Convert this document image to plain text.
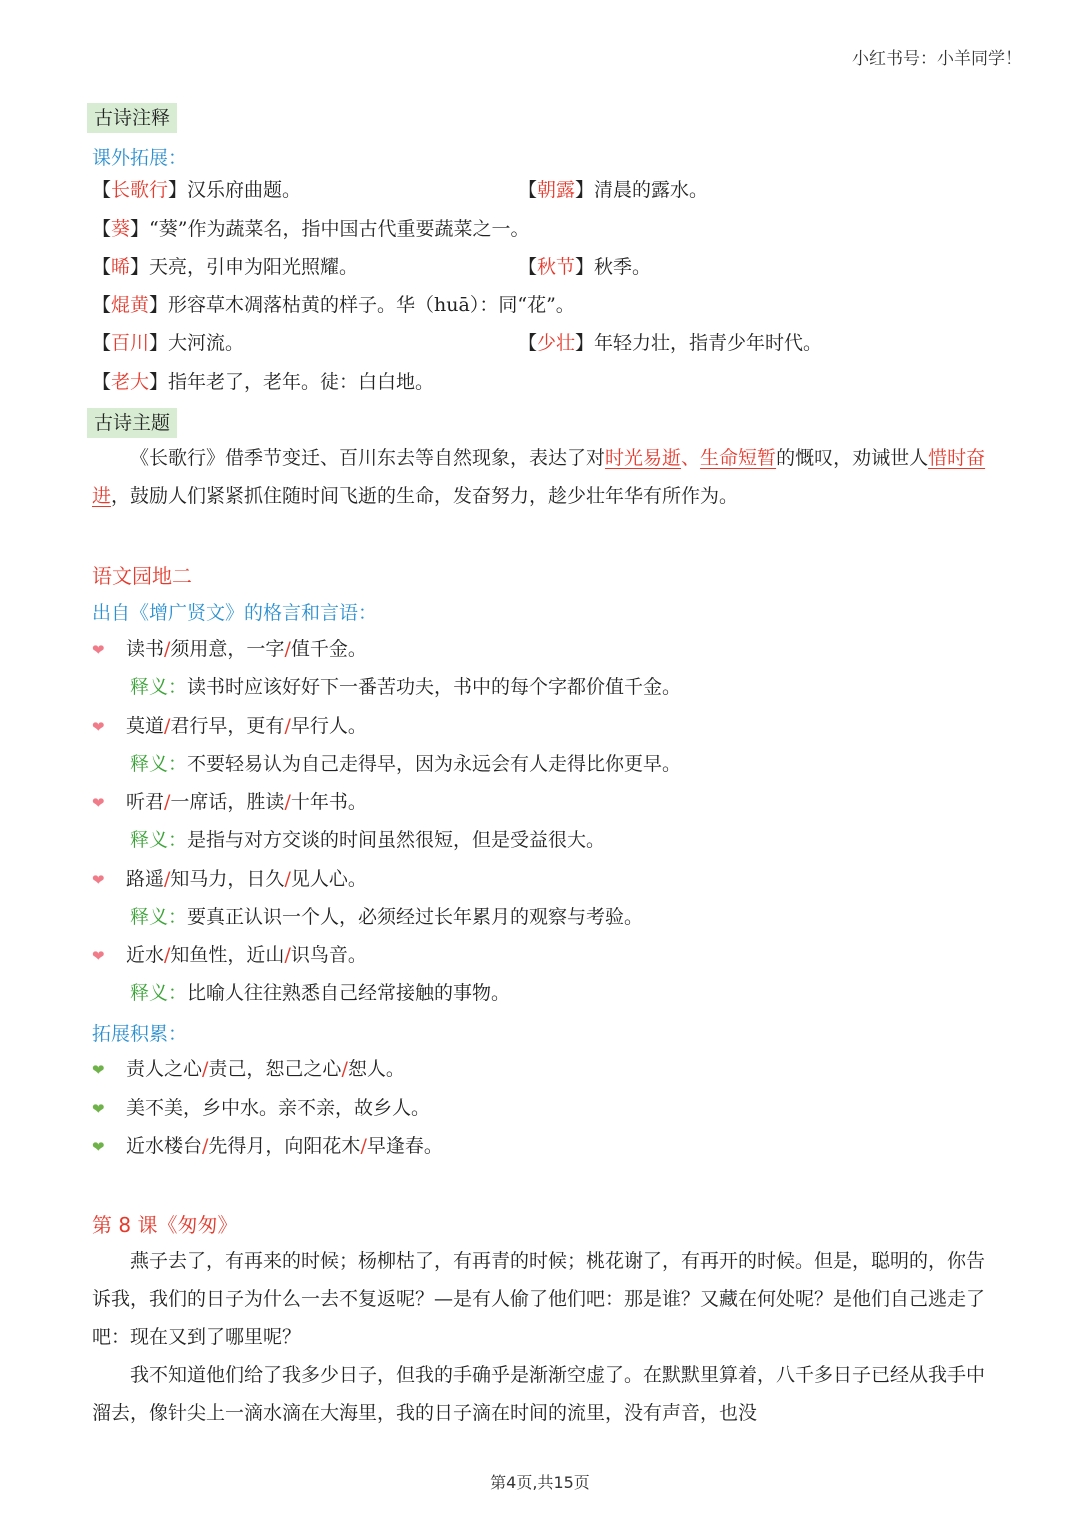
小红书号：小羊同学！
古诗注释
课外拓展：
【长歌行】汉乐府曲题。	【朝露】清晨的露水。
【葵】“葵”作为蔬菜名，指中国古代重要蔬菜之一。
【晞】天亮，引申为阳光照耀。	【秋节】秋季。
【焜黄】形容草木凋落枯黄的样子。华（huā）：同“花”。
【百川】大河流。	【少壮】年轻力壮，指青少年时代。
【老大】指年老了，老年。徒：白白地。
古诗主题
《长歌行》借季节变迁、百川东去等自然现象，表达了对时光易逝、生命短暂的慨叹，劝诫世人惜时奋进，鼓励人们紧紧抓住随时间飞逝的生命，发奋努力，趁少壮年华有所作为。
语文园地二
出自《增广贤文》的格言和言语：
❤ 读书/须用意，一字/值千金。
释义：读书时应该好好下一番苦功夫，书中的每个字都价值千金。
❤ 莫道/君行早，更有/早行人。
释义：不要轻易认为自己走得早，因为永远会有人走得比你更早。
❤ 听君/一席话，胜读/十年书。
释义：是指与对方交谈的时间虽然很短，但是受益很大。
❤ 路遥/知马力，日久/见人心。
释义：要真正认识一个人，必须经过长年累月的观察与考验。
❤ 近水/知鱼性，近山/识鸟音。
释义：比喻人往往熟悉自己经常接触的事物。
拓展积累：
❤ 责人之心/责己，恕己之心/恕人。
❤ 美不美，乡中水。亲不亲，故乡人。
❤ 近水楼台/先得月，向阳花木/早逢春。
第 8 课《匆匆》
燕子去了，有再来的时候；杨柳枯了，有再青的时候；桃花谢了，有再开的时候。但是，聪明的，你告诉我，我们的日子为什么一去不复返呢？—是有人偷了他们吧：那是谁？又藏在何处呢？是他们自己逃走了吧：现在又到了哪里呢？
我不知道他们给了我多少日子，但我的手确乎是渐渐空虚了。在默默里算着，八千多日子已经从我手中溜去，像针尖上一滴水滴在大海里，我的日子滴在时间的流里，没有声音，也没
第4页,共15页
